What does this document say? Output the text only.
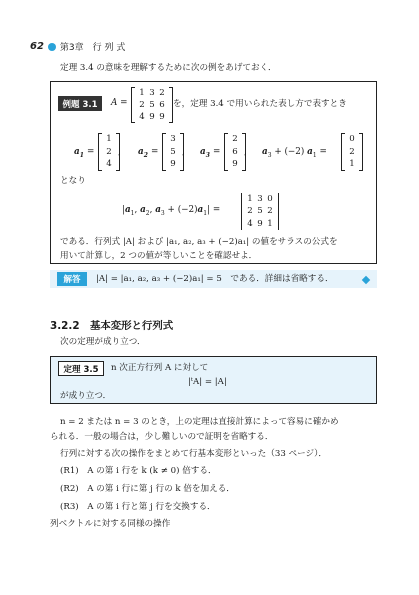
62 第3章　行 列 式
定理 3.4 の意味を理解するために次の例をあげておく．
例題 3.1	A =
1 3 2
2 5 6
4 9 9
を，定理 3.4 で用いられた表し方で表すとき
$a_1$ =
1
2
4
, $a_2$ =
3
5
9
, $a_3$ =
2
6
9
, $a_3 + (-2) a_1$ =
0
2
1
となり
$|a_1$, $a_2$, $a_3 + (-2)a_1|$ =
1 3 0
2 5 2
4 9 1
である．行列式 |A| および |a₁, a₂, a₃ + (−2)a₁| の値をサラスの公式を
用いて計算し，2 つの値が等しいことを確認せよ．
解答	|A| = |a₁, a₂, a₃ + (−2)a₁| = 5　である．詳細は省略する．
3.2.2　基本変形と行列式
次の定理が成り立つ．
定理 3.5	n 次正方行列 A に対して
|ᵗA| = |A|
が成り立つ．
n = 2 または n = 3 のとき，上の定理は直接計算によって容易に確かめ
られる．一般の場合は，少し難しいので証明を省略する．
行列に対する次の操作をまとめて行基本変形といった（33 ページ）．
(R1)　A の第 i 行を k (k ≠ 0) 倍する．
(R2)　A の第 i 行に第 j 行の k 倍を加える．
(R3)　A の第 i 行と第 j 行を交換する．
列ベクトルに対する同様の操作
